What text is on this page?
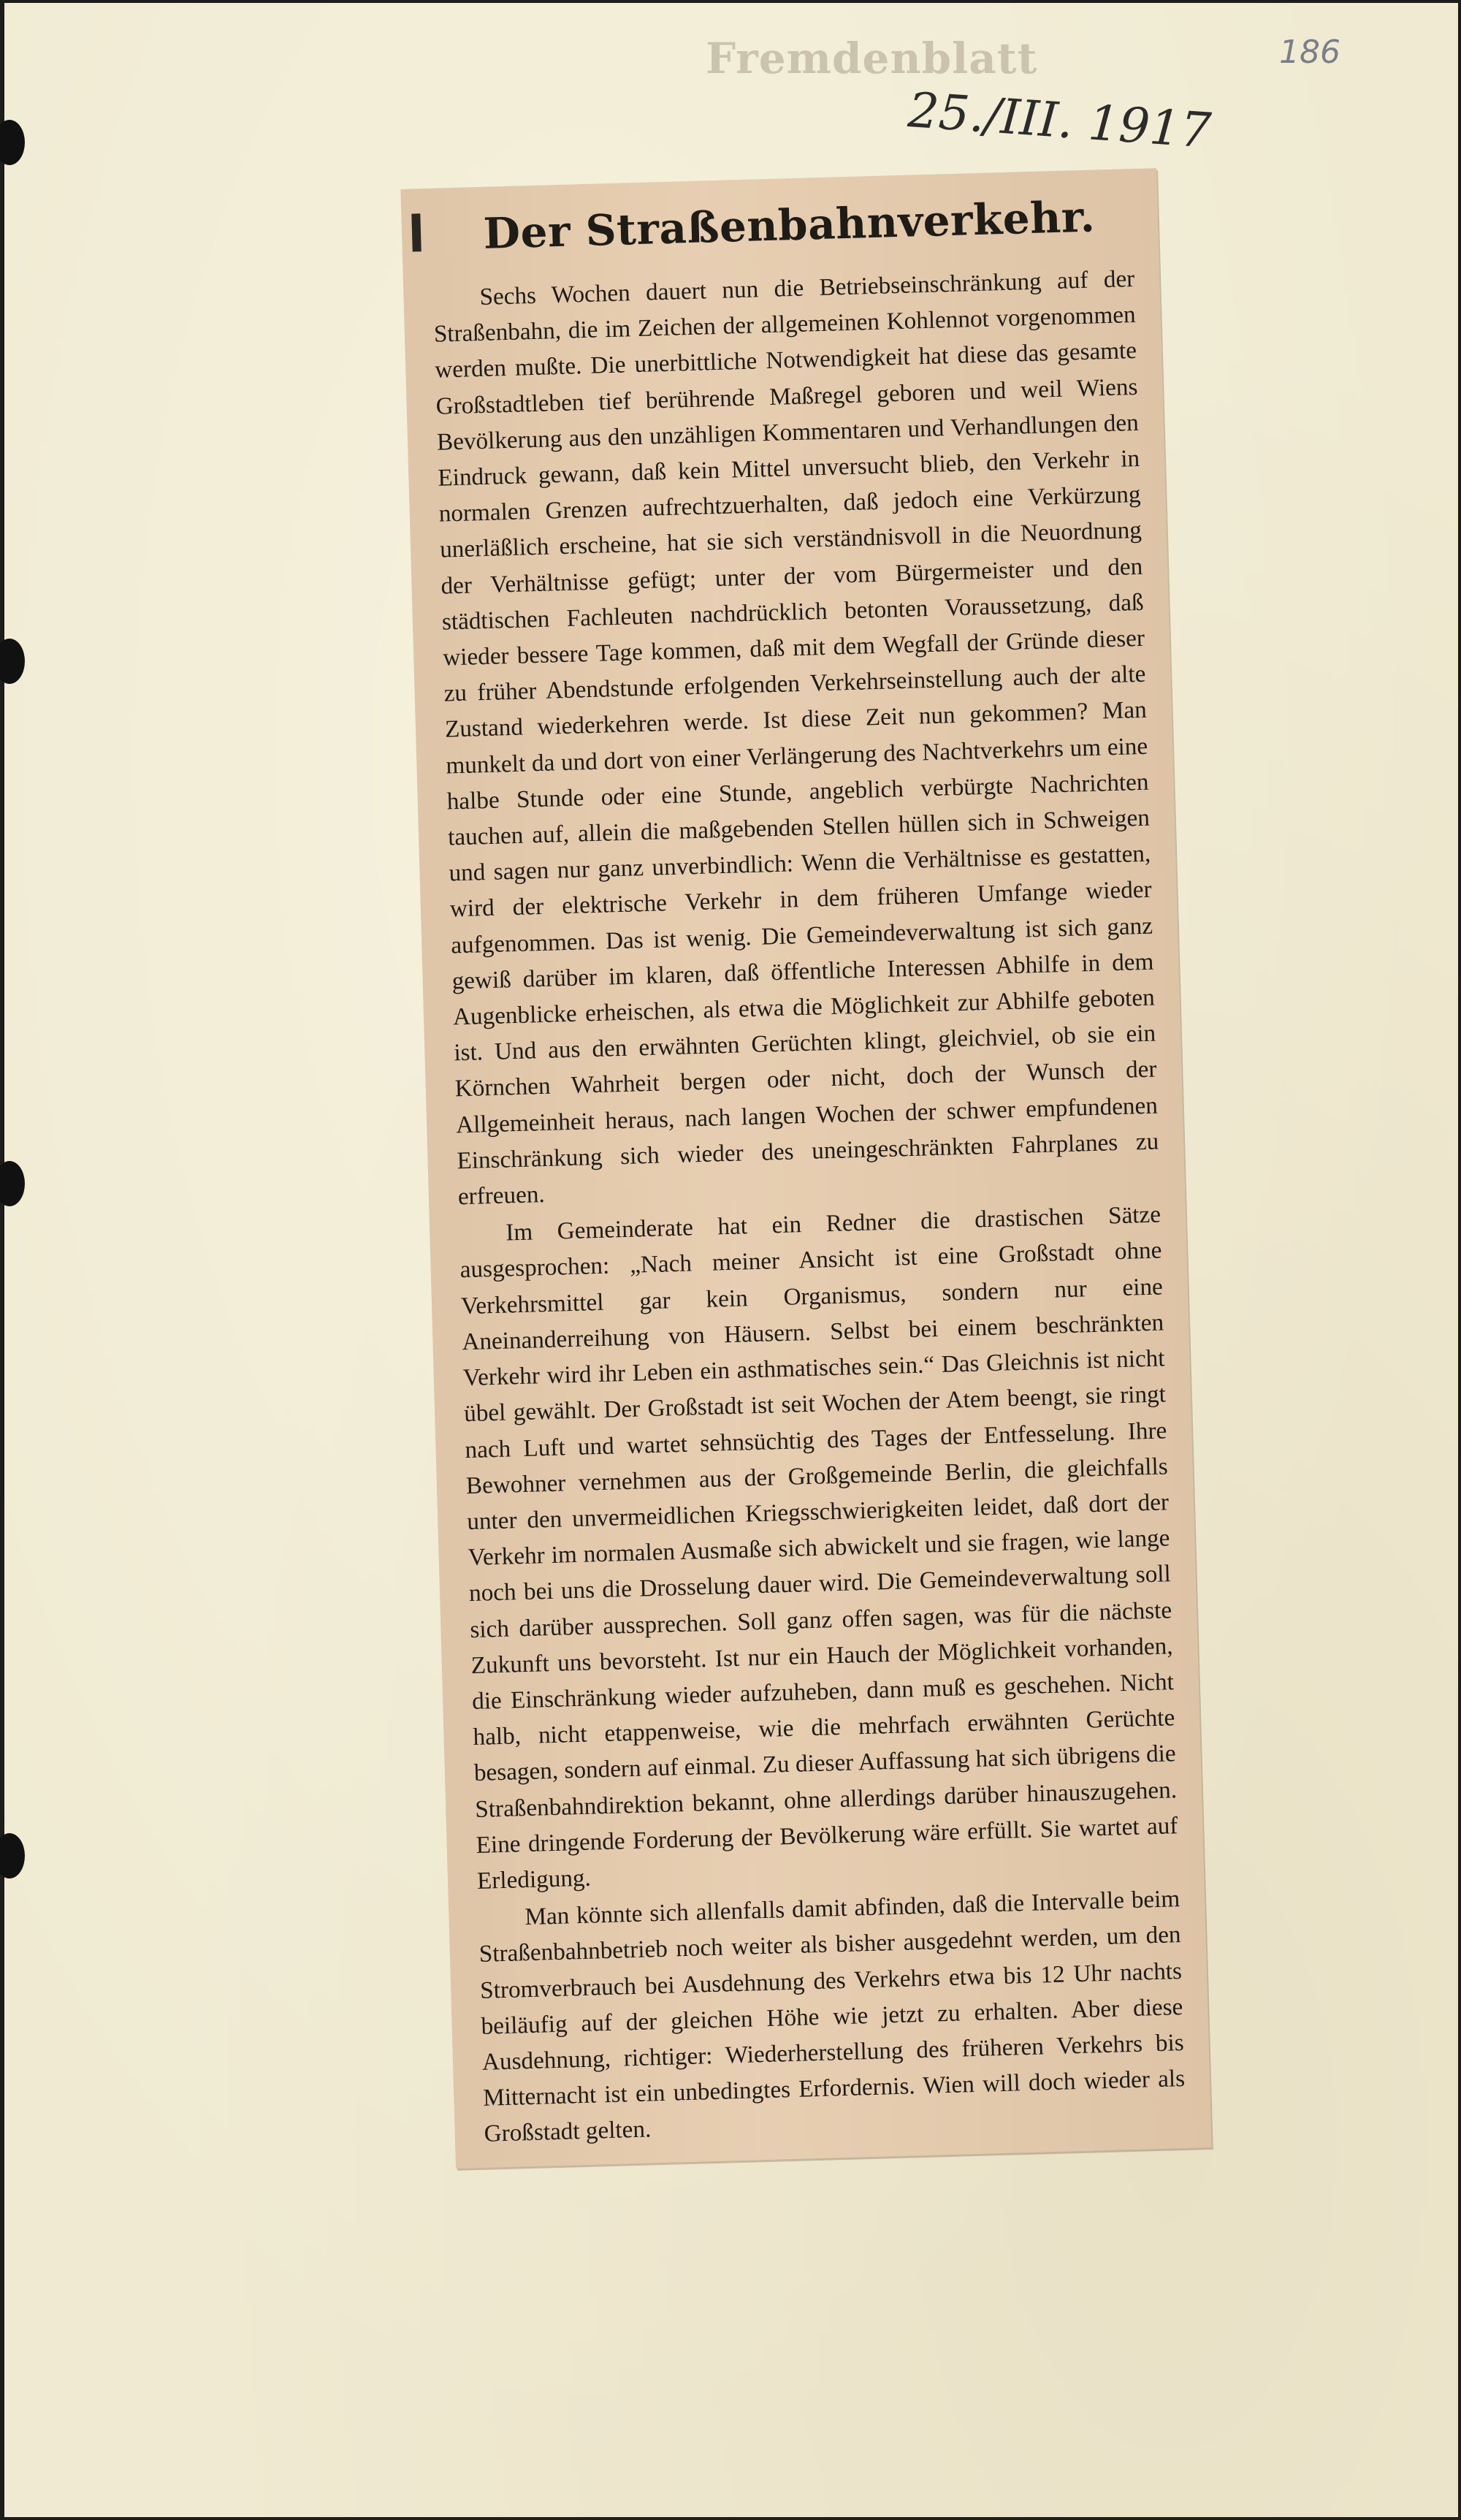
Fremdenblatt	186
25./III. 1917
Der Straßenbahnverkehr.

Sechs Wochen dauert nun die Betriebseinschränkung auf der Straßenbahn, die im Zeichen der allgemeinen Kohlennot vorgenommen werden mußte. Die unerbittliche Notwendigkeit hat diese das gesamte Großstadtleben tief berührende Maßregel geboren und weil Wiens Bevölkerung aus den unzähligen Kommentaren und Verhandlungen den Eindruck gewann, daß kein Mittel unversucht blieb, den Verkehr in normalen Grenzen aufrechtzuerhalten, daß jedoch eine Verkürzung unerläßlich erscheine, hat sie sich verständnisvoll in die Neuordnung der Verhältnisse gefügt; unter der vom Bürgermeister und den städtischen Fachleuten nachdrücklich betonten Voraussetzung, daß wieder bessere Tage kommen, daß mit dem Wegfall der Gründe dieser zu früher Abendstunde erfolgenden Verkehrseinstellung auch der alte Zustand wiederkehren werde. Ist diese Zeit nun gekommen? Man munkelt da und dort von einer Verlängerung des Nachtverkehrs um eine halbe Stunde oder eine Stunde, angeblich verbürgte Nachrichten tauchen auf, allein die maßgebenden Stellen hüllen sich in Schweigen und sagen nur ganz unverbindlich: Wenn die Verhältnisse es gestatten, wird der elektrische Verkehr in dem früheren Umfange wieder aufgenommen. Das ist wenig. Die Gemeindeverwaltung ist sich ganz gewiß darüber im klaren, daß öffentliche Interessen Abhilfe in dem Augenblicke erheischen, als etwa die Möglichkeit zur Abhilfe geboten ist. Und aus den erwähnten Gerüchten klingt, gleichviel, ob sie ein Körnchen Wahrheit bergen oder nicht, doch der Wunsch der Allgemeinheit heraus, nach langen Wochen der schwer empfundenen Einschränkung sich wieder des uneingeschränkten Fahrplanes zu erfreuen.

Im Gemeinderate hat ein Redner die drastischen Sätze ausgesprochen: „Nach meiner Ansicht ist eine Großstadt ohne Verkehrsmittel gar kein Organismus, sondern nur eine Aneinanderreihung von Häusern. Selbst bei einem beschränkten Verkehr wird ihr Leben ein asthmatisches sein.“ Das Gleichnis ist nicht übel gewählt. Der Großstadt ist seit Wochen der Atem beengt, sie ringt nach Luft und wartet sehnsüchtig des Tages der Entfesselung. Ihre Bewohner vernehmen aus der Großgemeinde Berlin, die gleichfalls unter den unvermeidlichen Kriegsschwierigkeiten leidet, daß dort der Verkehr im normalen Ausmaße sich abwickelt und sie fragen, wie lange noch bei uns die Drosselung dauer wird. Die Gemeindeverwaltung soll sich darüber aussprechen. Soll ganz offen sagen, was für die nächste Zukunft uns bevorsteht. Ist nur ein Hauch der Möglichkeit vorhanden, die Einschränkung wieder aufzuheben, dann muß es geschehen. Nicht halb, nicht etappenweise, wie die mehrfach erwähnten Gerüchte besagen, sondern auf einmal. Zu dieser Auffassung hat sich übrigens die Straßenbahndirektion bekannt, ohne allerdings darüber hinauszugehen. Eine dringende Forderung der Bevölkerung wäre erfüllt. Sie wartet auf Erledigung.

Man könnte sich allenfalls damit abfinden, daß die Intervalle beim Straßenbahnbetrieb noch weiter als bisher ausgedehnt werden, um den Stromverbrauch bei Ausdehnung des Verkehrs etwa bis 12 Uhr nachts beiläufig auf der gleichen Höhe wie jetzt zu erhalten. Aber diese Ausdehnung, richtiger: Wiederherstellung des früheren Verkehrs bis Mitternacht ist ein unbedingtes Erfordernis. Wien will doch wieder als Großstadt gelten.
